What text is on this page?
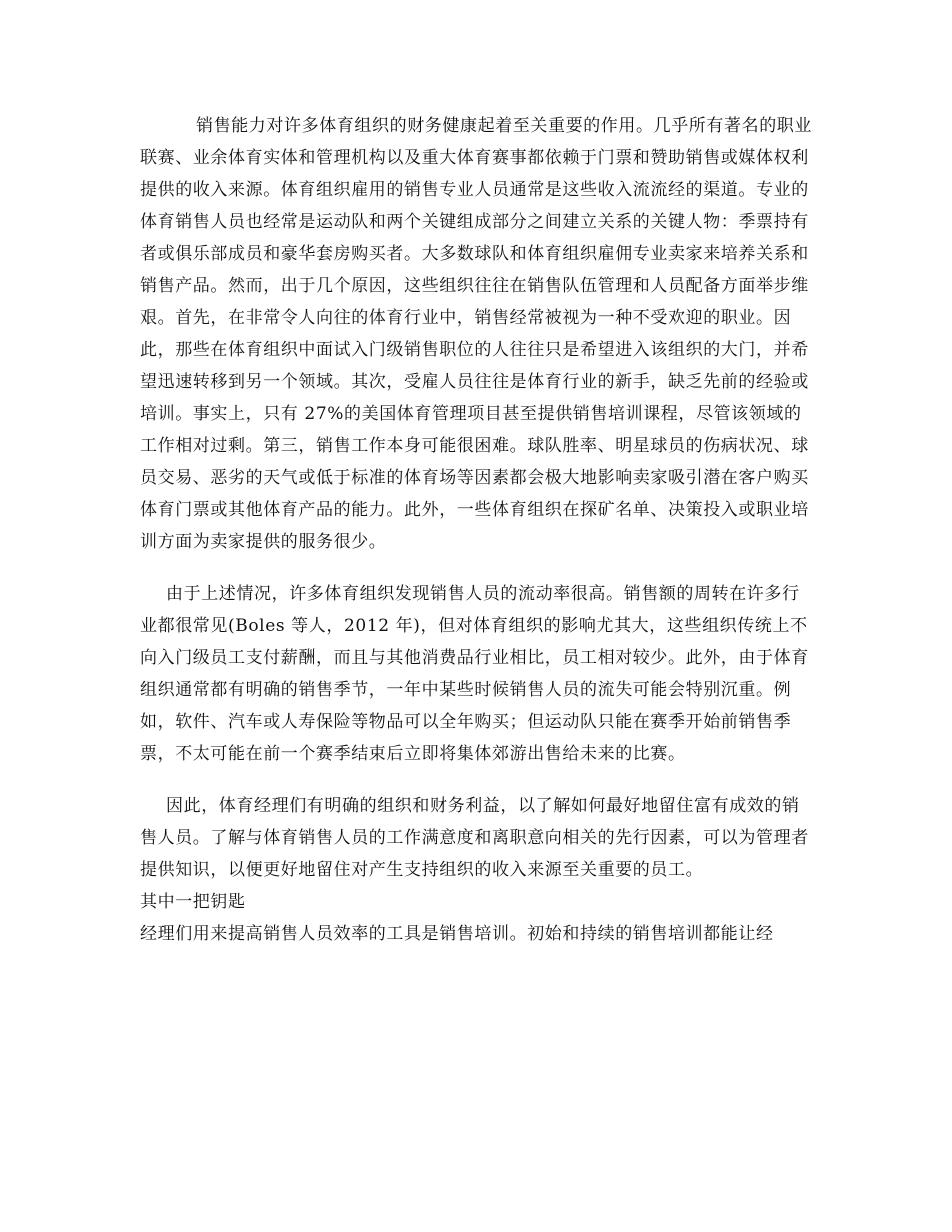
销售能力对许多体育组织的财务健康起着至关重要的作用。几乎所有著名的职业联赛、业余体育实体和管理机构以及重大体育赛事都依赖于门票和赞助销售或媒体权利提供的收入来源。体育组织雇用的销售专业人员通常是这些收入流流经的渠道。专业的体育销售人员也经常是运动队和两个关键组成部分之间建立关系的关键人物：季票持有者或俱乐部成员和豪华套房购买者。大多数球队和体育组织雇佣专业卖家来培养关系和销售产品。然而，出于几个原因，这些组织往往在销售队伍管理和人员配备方面举步维艰。首先，在非常令人向往的体育行业中，销售经常被视为一种不受欢迎的职业。因此，那些在体育组织中面试入门级销售职位的人往往只是希望进入该组织的大门，并希望迅速转移到另一个领域。其次，受雇人员往往是体育行业的新手，缺乏先前的经验或培训。事实上，只有 27%的美国体育管理项目甚至提供销售培训课程，尽管该领域的工作相对过剩。第三，销售工作本身可能很困难。球队胜率、明星球员的伤病状况、球员交易、恶劣的天气或低于标准的体育场等因素都会极大地影响卖家吸引潜在客户购买体育门票或其他体育产品的能力。此外，一些体育组织在探矿名单、决策投入或职业培训方面为卖家提供的服务很少。

由于上述情况，许多体育组织发现销售人员的流动率很高。销售额的周转在许多行业都很常见(Boles 等人，2012 年)，但对体育组织的影响尤其大，这些组织传统上不向入门级员工支付薪酬，而且与其他消费品行业相比，员工相对较少。此外，由于体育组织通常都有明确的销售季节，一年中某些时候销售人员的流失可能会特别沉重。例如，软件、汽车或人寿保险等物品可以全年购买；但运动队只能在赛季开始前销售季票，不太可能在前一个赛季结束后立即将集体郊游出售给未来的比赛。

因此，体育经理们有明确的组织和财务利益，以了解如何最好地留住富有成效的销售人员。了解与体育销售人员的工作满意度和离职意向相关的先行因素，可以为管理者提供知识，以便更好地留住对产生支持组织的收入来源至关重要的员工。

其中一把钥匙

经理们用来提高销售人员效率的工具是销售培训。初始和持续的销售培训都能让经
